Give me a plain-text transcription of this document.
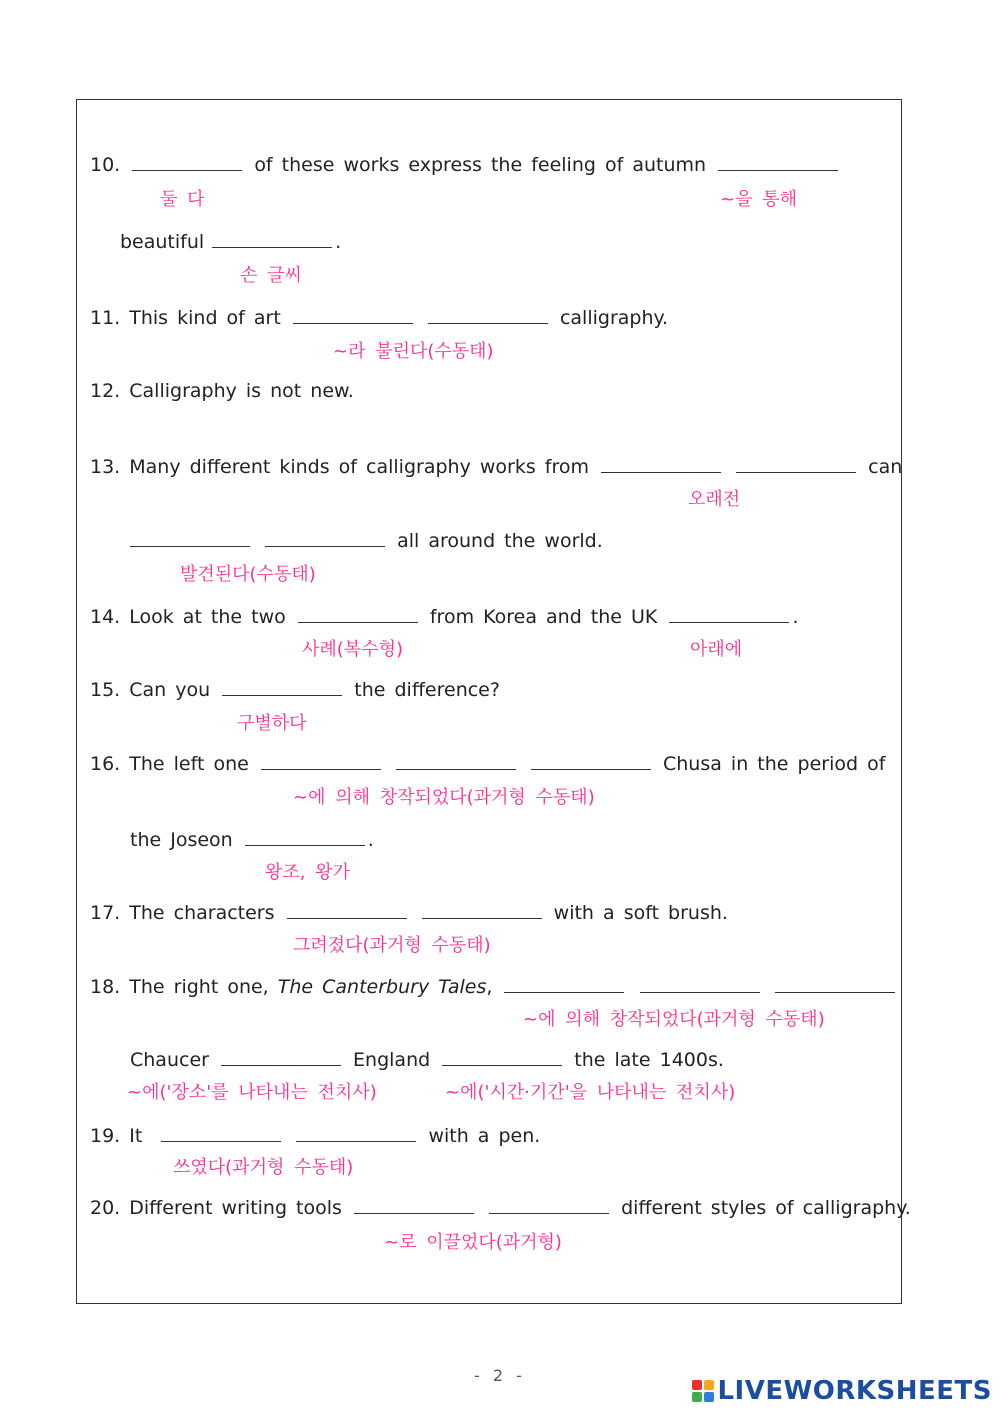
10.	of these works express the feeling of autumn
둘 다	~을 통해
beautiful	.
손 글씨
11. This kind of art	calligraphy.
~라 불린다(수동태)
12. Calligraphy is not new.
13. Many different kinds of calligraphy works from	can
오래전
all around the world.
발견된다(수동태)
14. Look at the two	from Korea and the UK	.
사례(복수형)	아래에
15. Can you	the difference?
구별하다
16. The left one	Chusa in the period of
~에 의해 창작되었다(과거형 수동태)
the Joseon	.
왕조, 왕가
17. The characters	with a soft brush.
그려졌다(과거형 수동태)
18. The right one, The Canterbury Tales,
~에 의해 창작되었다(과거형 수동태)
Chaucer	England	the late 1400s.
~에('장소'를 나타내는 전치사)	~에('시간·기간'을 나타내는 전치사)
19. It	with a pen.
쓰였다(과거형 수동태)
20. Different writing tools	different styles of calligraphy.
~로 이끌었다(과거형)
- 2 -
LIVEWORKSHEETS
